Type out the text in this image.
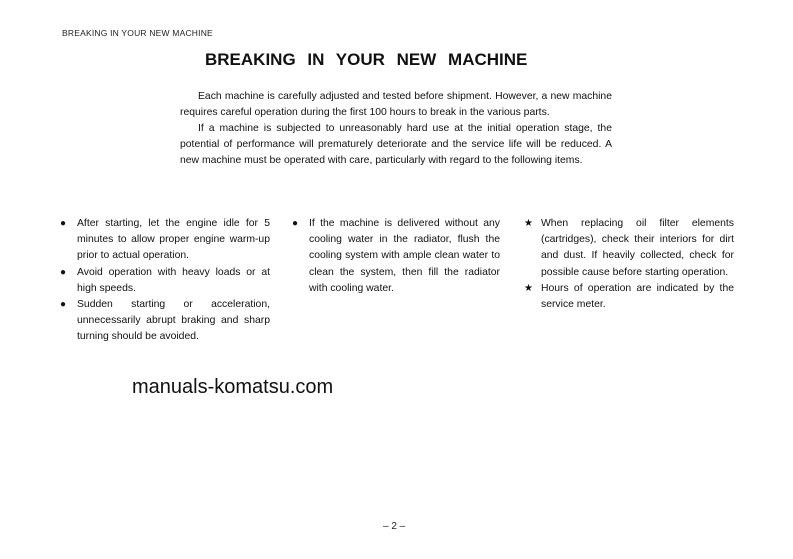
BREAKING IN YOUR NEW MACHINE
BREAKING IN YOUR NEW MACHINE

Each machine is carefully adjusted and tested before shipment. However, a new machine requires careful operation during the first 100 hours to break in the various parts.

If a machine is subjected to unreasonably hard use at the initial operation stage, the potential of performance will prematurely deteriorate and the service life will be reduced. A new machine must be operated with care, particularly with regard to the following items.

●	After starting, let the engine idle for 5 minutes to allow proper engine warm-up prior to actual operation.
●	Avoid operation with heavy loads or at high speeds.
●	Sudden starting or acceleration, unnecessarily abrupt braking and sharp turning should be avoided.
●	If the machine is delivered without any cooling water in the radiator, flush the cooling system with ample clean water to clean the system, then fill the radiator with cooling water.
★ When replacing oil filter elements (cartridges), check their interiors for dirt and dust. If heavily collected, check for possible cause before starting operation.
★ Hours of operation are indicated by the service meter.
manuals-komatsu.com
– 2 –
